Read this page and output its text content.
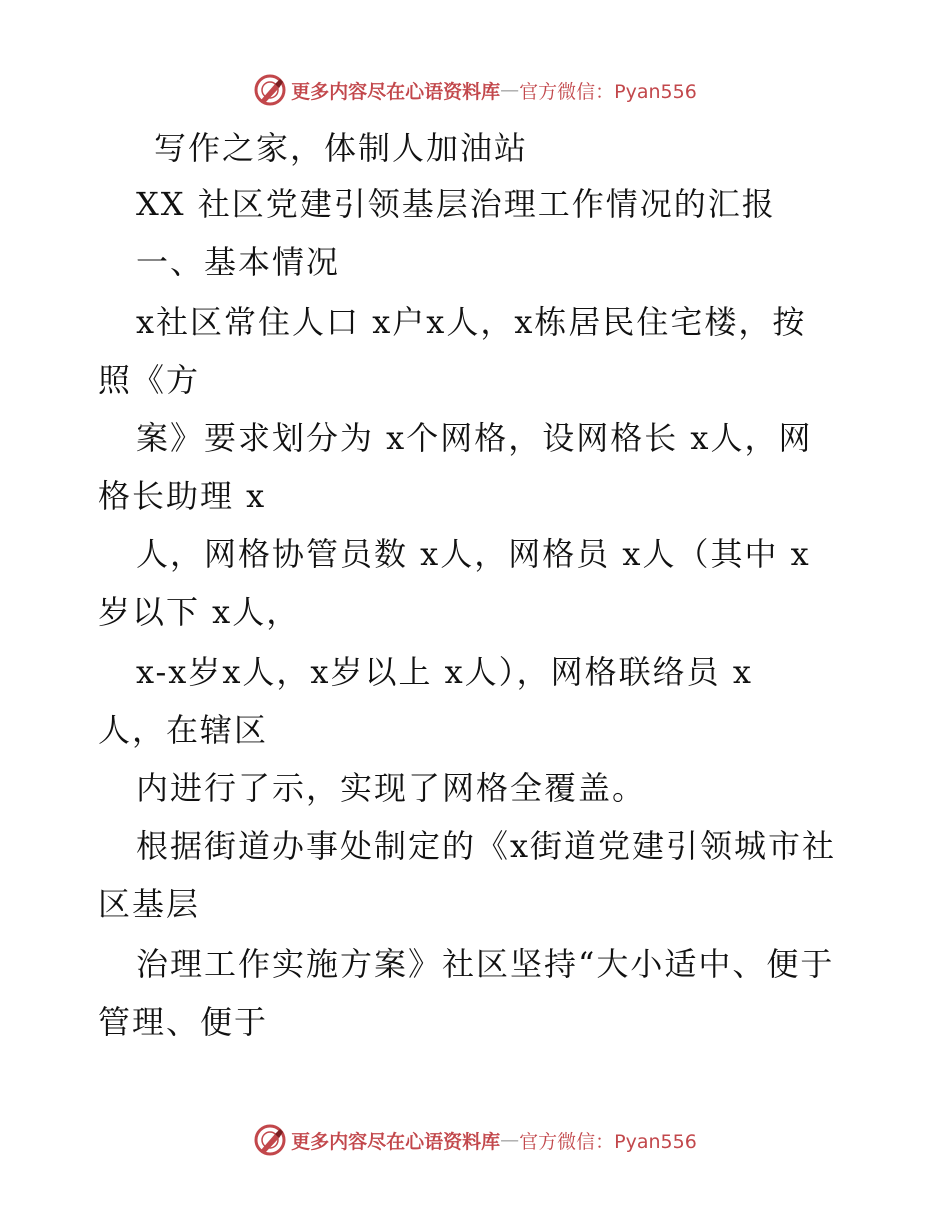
更多内容尽在心语资料库 — 官方微信：Pyan556
写作之家，体制人加油站
XX 社区党建引领基层治理工作情况的汇报
一、基本情况
x社区常住人口 x户x人，x栋居民住宅楼，按
照《方
案》要求划分为 x个网格，设网格长 x人，网
格长助理 x
人，网格协管员数 x人，网格员 x人（其中 x
岁以下 x人，
x-x岁x人，x岁以上 x人），网格联络员 x
人，在辖区
内进行了示，实现了网格全覆盖。
根据街道办事处制定的《x街道党建引领城市社
区基层
治理工作实施方案》社区坚持“大小适中、便于
管理、便于
更多内容尽在心语资料库 — 官方微信：Pyan556
